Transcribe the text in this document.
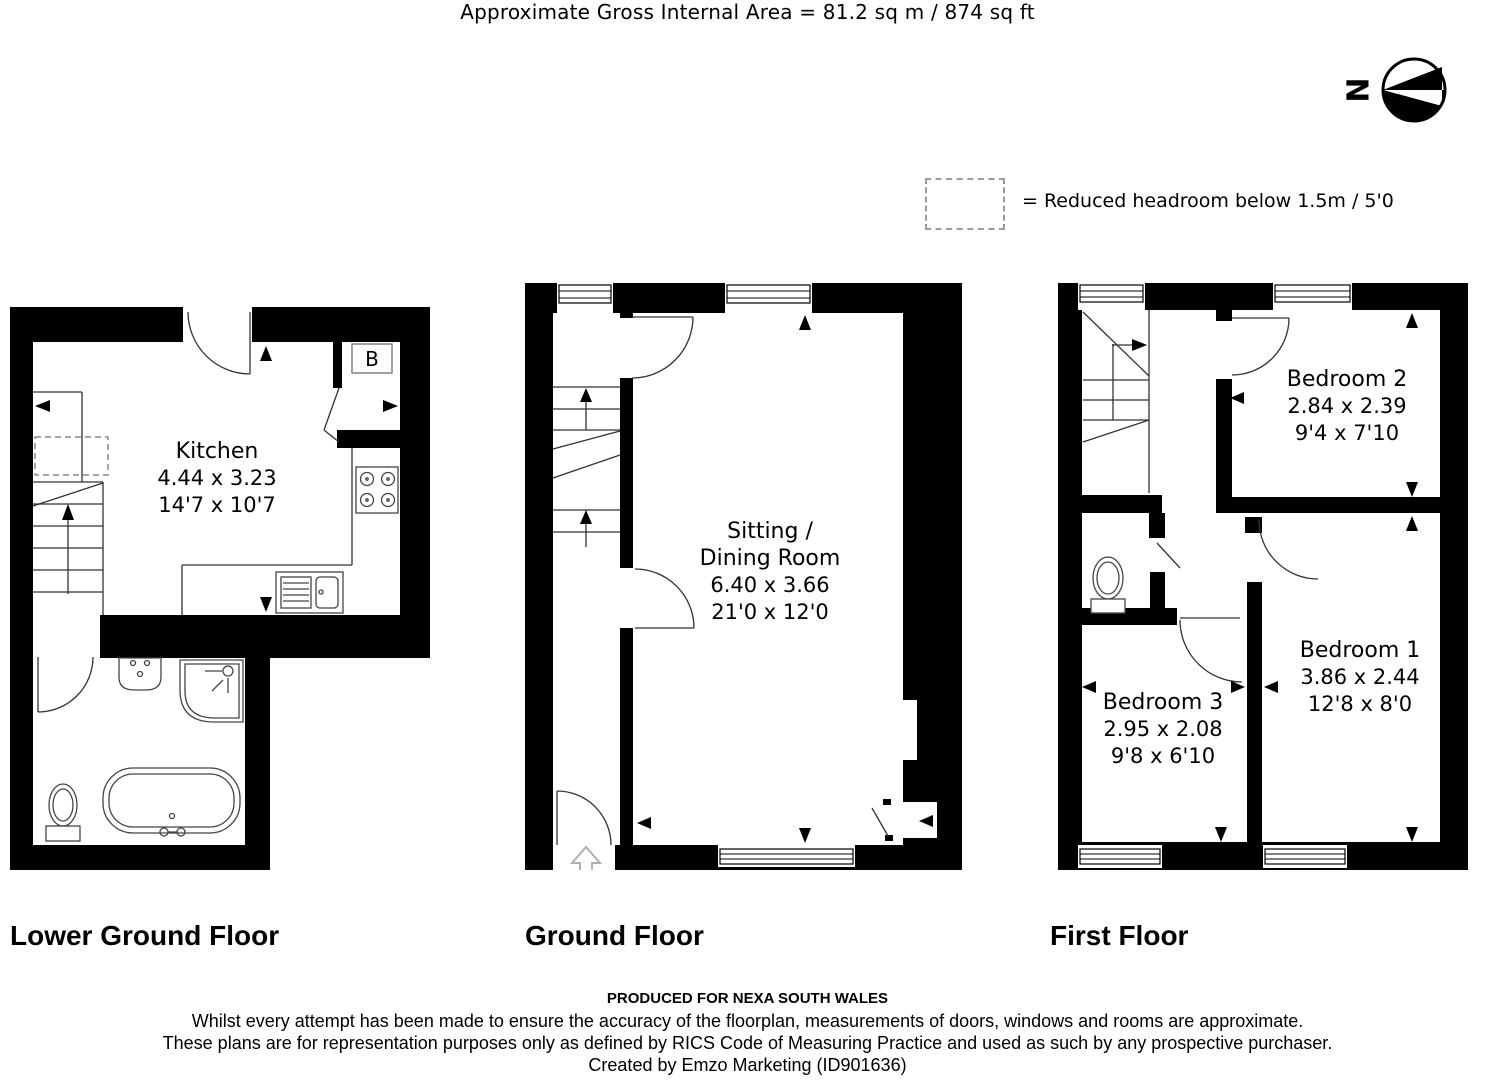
Approximate Gross Internal Area = 81.2 sq m / 874 sq ft
N
= Reduced headroom below 1.5m / 5'0
B
Kitchen
4.44 x 3.23
14'7 x 10'7
Sitting /
Dining Room
6.40 x 3.66
21'0 x 12'0
Bedroom 2
2.84 x 2.39
9'4 x 7'10
Bedroom 1
3.86 x 2.44
12'8 x 8'0
Bedroom 3
2.95 x 2.08
9'8 x 6'10
Lower Ground Floor	Ground Floor	First Floor
PRODUCED FOR NEXA SOUTH WALES
Whilst every attempt has been made to ensure the accuracy of the floorplan, measurements of doors, windows and rooms are approximate.
These plans are for representation purposes only as defined by RICS Code of Measuring Practice and used as such by any prospective purchaser.
Created by Emzo Marketing (ID901636)
